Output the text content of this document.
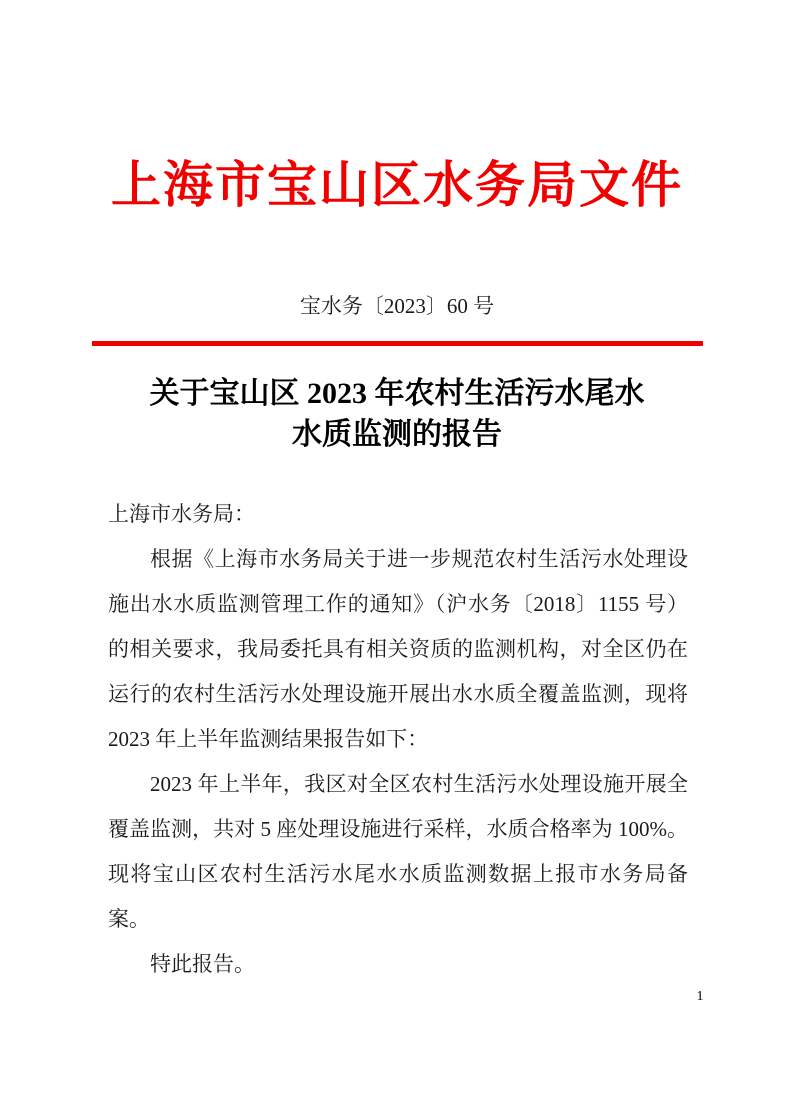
上海市宝山区水务局文件
宝水务〔2023〕60 号
关于宝山区 2023 年农村生活污水尾水
水质监测的报告

上海市水务局：

根据《上海市水务局关于进一步规范农村生活污水处理设施出水水质监测管理工作的通知》（沪水务〔2018〕1155 号）的相关要求，我局委托具有相关资质的监测机构，对全区仍在运行的农村生活污水处理设施开展出水水质全覆盖监测，现将 2023 年上半年监测结果报告如下：

2023 年上半年，我区对全区农村生活污水处理设施开展全覆盖监测，共对 5 座处理设施进行采样，水质合格率为 100%。现将宝山区农村生活污水尾水水质监测数据上报市水务局备案。

特此报告。

1
